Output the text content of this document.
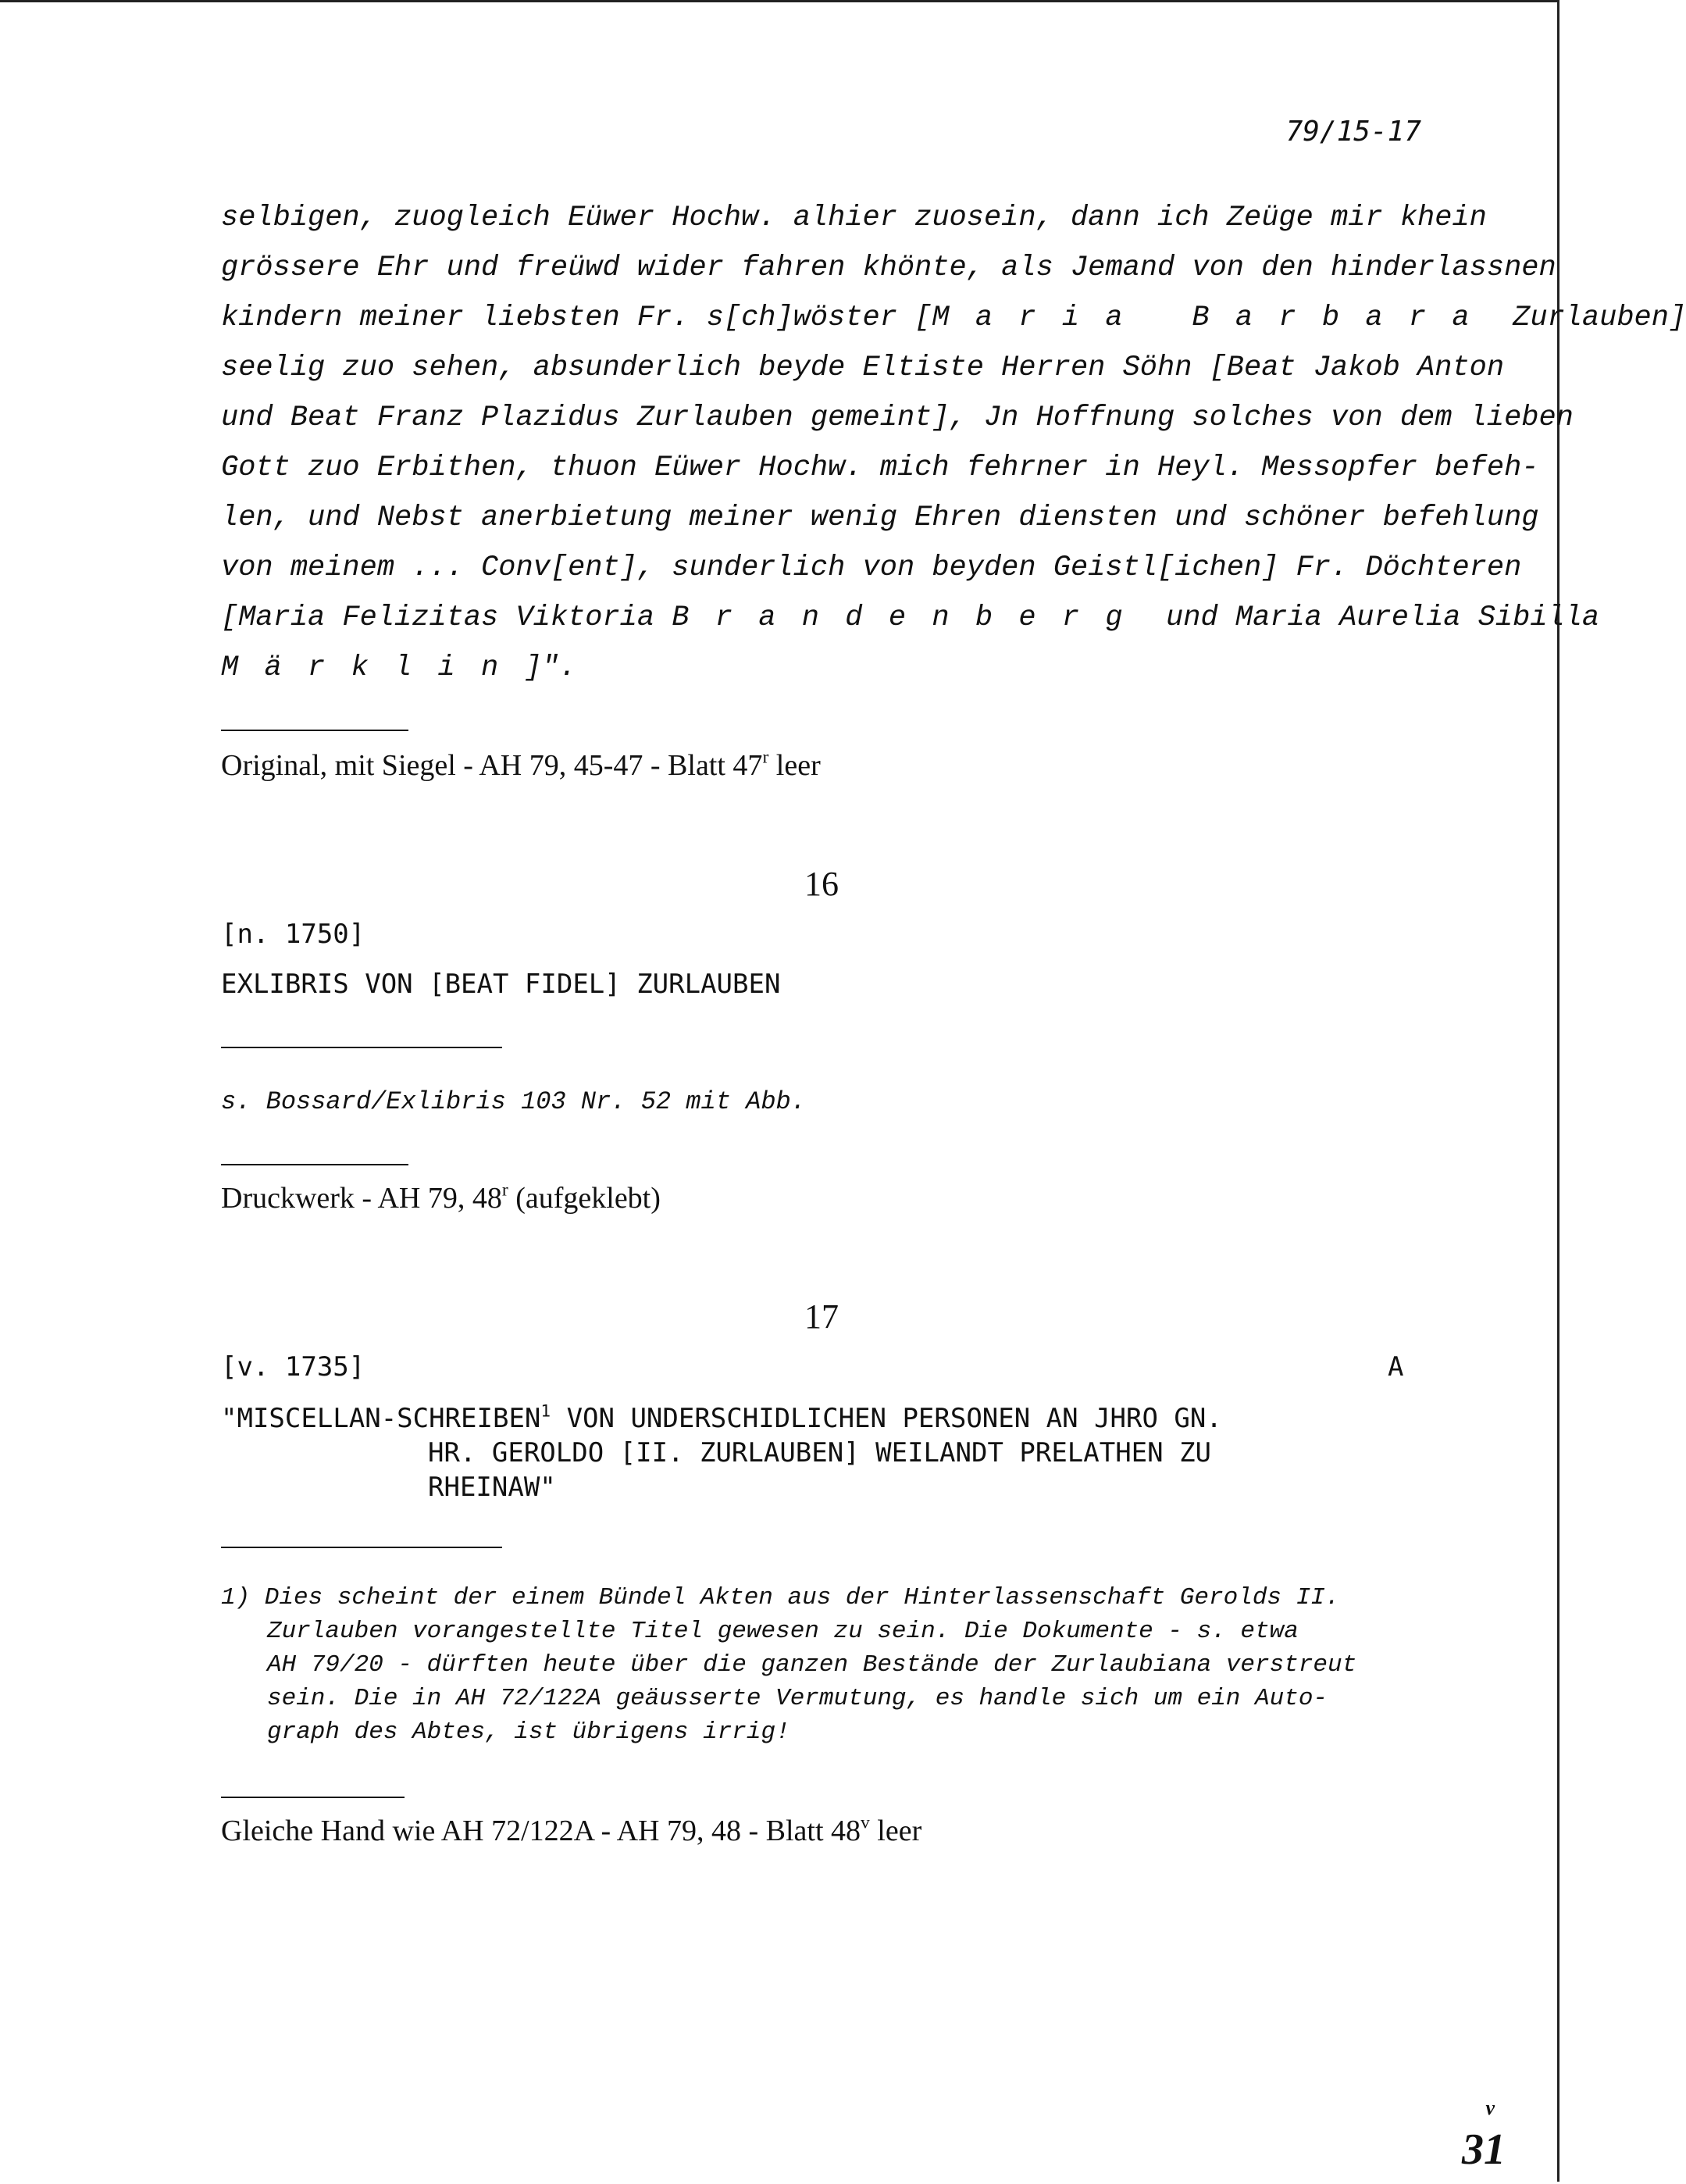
79/15-17
selbigen, zuogleich Eüwer Hochw. alhier zuosein, dann ich Zeüge mir khein
grössere Ehr und freüwd wider fahren khönte, als Jemand von den hinderlassnen
kindern meiner liebsten Fr. s[ch]wöster [Maria Barbara Zurlauben]
seelig zuo sehen, absunderlich beyde Eltiste Herren Söhn [Beat Jakob Anton
und Beat Franz Plazidus Zurlauben gemeint], Jn Hoffnung solches von dem lieben
Gott zuo Erbithen, thuon Eüwer Hochw. mich fehrner in Heyl. Messopfer befeh-
len, und Nebst anerbietung meiner wenig Ehren diensten und schöner befehlung
von meinem ... Conv[ent], sunderlich von beyden Geistl[ichen] Fr. Döchteren
[Maria Felizitas Viktoria Brandenberg und Maria Aurelia Sibilla
Märklin]".
Original, mit Siegel - AH 79, 45-47 - Blatt 47$^r$ leer
16
[n. 1750]
EXLIBRIS VON [BEAT FIDEL] ZURLAUBEN
s. Bossard/Exlibris 103 Nr. 52 mit Abb.
Druckwerk - AH 79, 48$^r$ (aufgeklebt)
17
[v. 1735]	A
"MISCELLAN-SCHREIBEN$^1$ VON UNDERSCHIDLICHEN PERSONEN AN JHRO GN.
HR. GEROLDO [II. ZURLAUBEN] WEILANDT PRELATHEN ZU
RHEINAW"
1) Dies scheint der einem Bündel Akten aus der Hinterlassenschaft Gerolds II.
Zurlauben vorangestellte Titel gewesen zu sein. Die Dokumente - s. etwa
AH 79/20 - dürften heute über die ganzen Bestände der Zurlaubiana verstreut
sein. Die in AH 72/122A geäusserte Vermutung, es handle sich um ein Auto-
graph des Abtes, ist übrigens irrig!
Gleiche Hand wie AH 72/122A - AH 79, 48 - Blatt 48$^v$ leer
v
31
